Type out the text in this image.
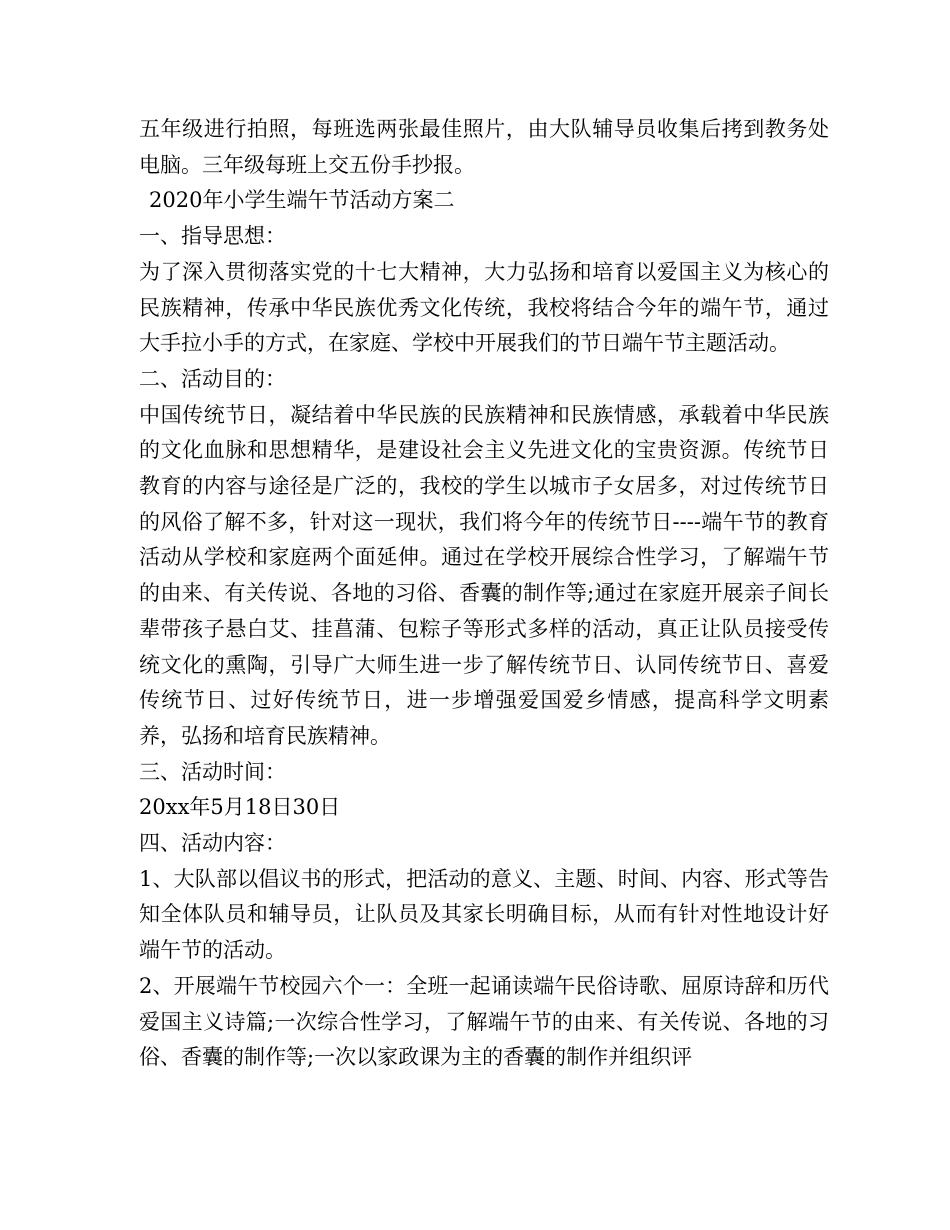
五年级进行拍照，每班选两张最佳照片，由大队辅导员收集后拷到教务处电脑。三年级每班上交五份手抄报。

2020年小学生端午节活动方案二

一、指导思想：

为了深入贯彻落实党的十七大精神，大力弘扬和培育以爱国主义为核心的民族精神，传承中华民族优秀文化传统，我校将结合今年的端午节，通过大手拉小手的方式，在家庭、学校中开展我们的节日端午节主题活动。

二、活动目的：

中国传统节日，凝结着中华民族的民族精神和民族情感，承载着中华民族的文化血脉和思想精华，是建设社会主义先进文化的宝贵资源。传统节日教育的内容与途径是广泛的，我校的学生以城市子女居多，对过传统节日的风俗了解不多，针对这一现状，我们将今年的传统节日----端午节的教育活动从学校和家庭两个面延伸。通过在学校开展综合性学习，了解端午节的由来、有关传说、各地的习俗、香囊的制作等;通过在家庭开展亲子间长辈带孩子悬白艾、挂菖蒲、包粽子等形式多样的活动，真正让队员接受传统文化的熏陶，引导广大师生进一步了解传统节日、认同传统节日、喜爱传统节日、过好传统节日，进一步增强爱国爱乡情感，提高科学文明素养，弘扬和培育民族精神。

三、活动时间：

20xx年5月18日30日

四、活动内容：

1、大队部以倡议书的形式，把活动的意义、主题、时间、内容、形式等告知全体队员和辅导员，让队员及其家长明确目标，从而有针对性地设计好端午节的活动。

2、开展端午节校园六个一：全班一起诵读端午民俗诗歌、屈原诗辞和历代爱国主义诗篇;一次综合性学习，了解端午节的由来、有关传说、各地的习俗、香囊的制作等;一次以家政课为主的香囊的制作并组织评
